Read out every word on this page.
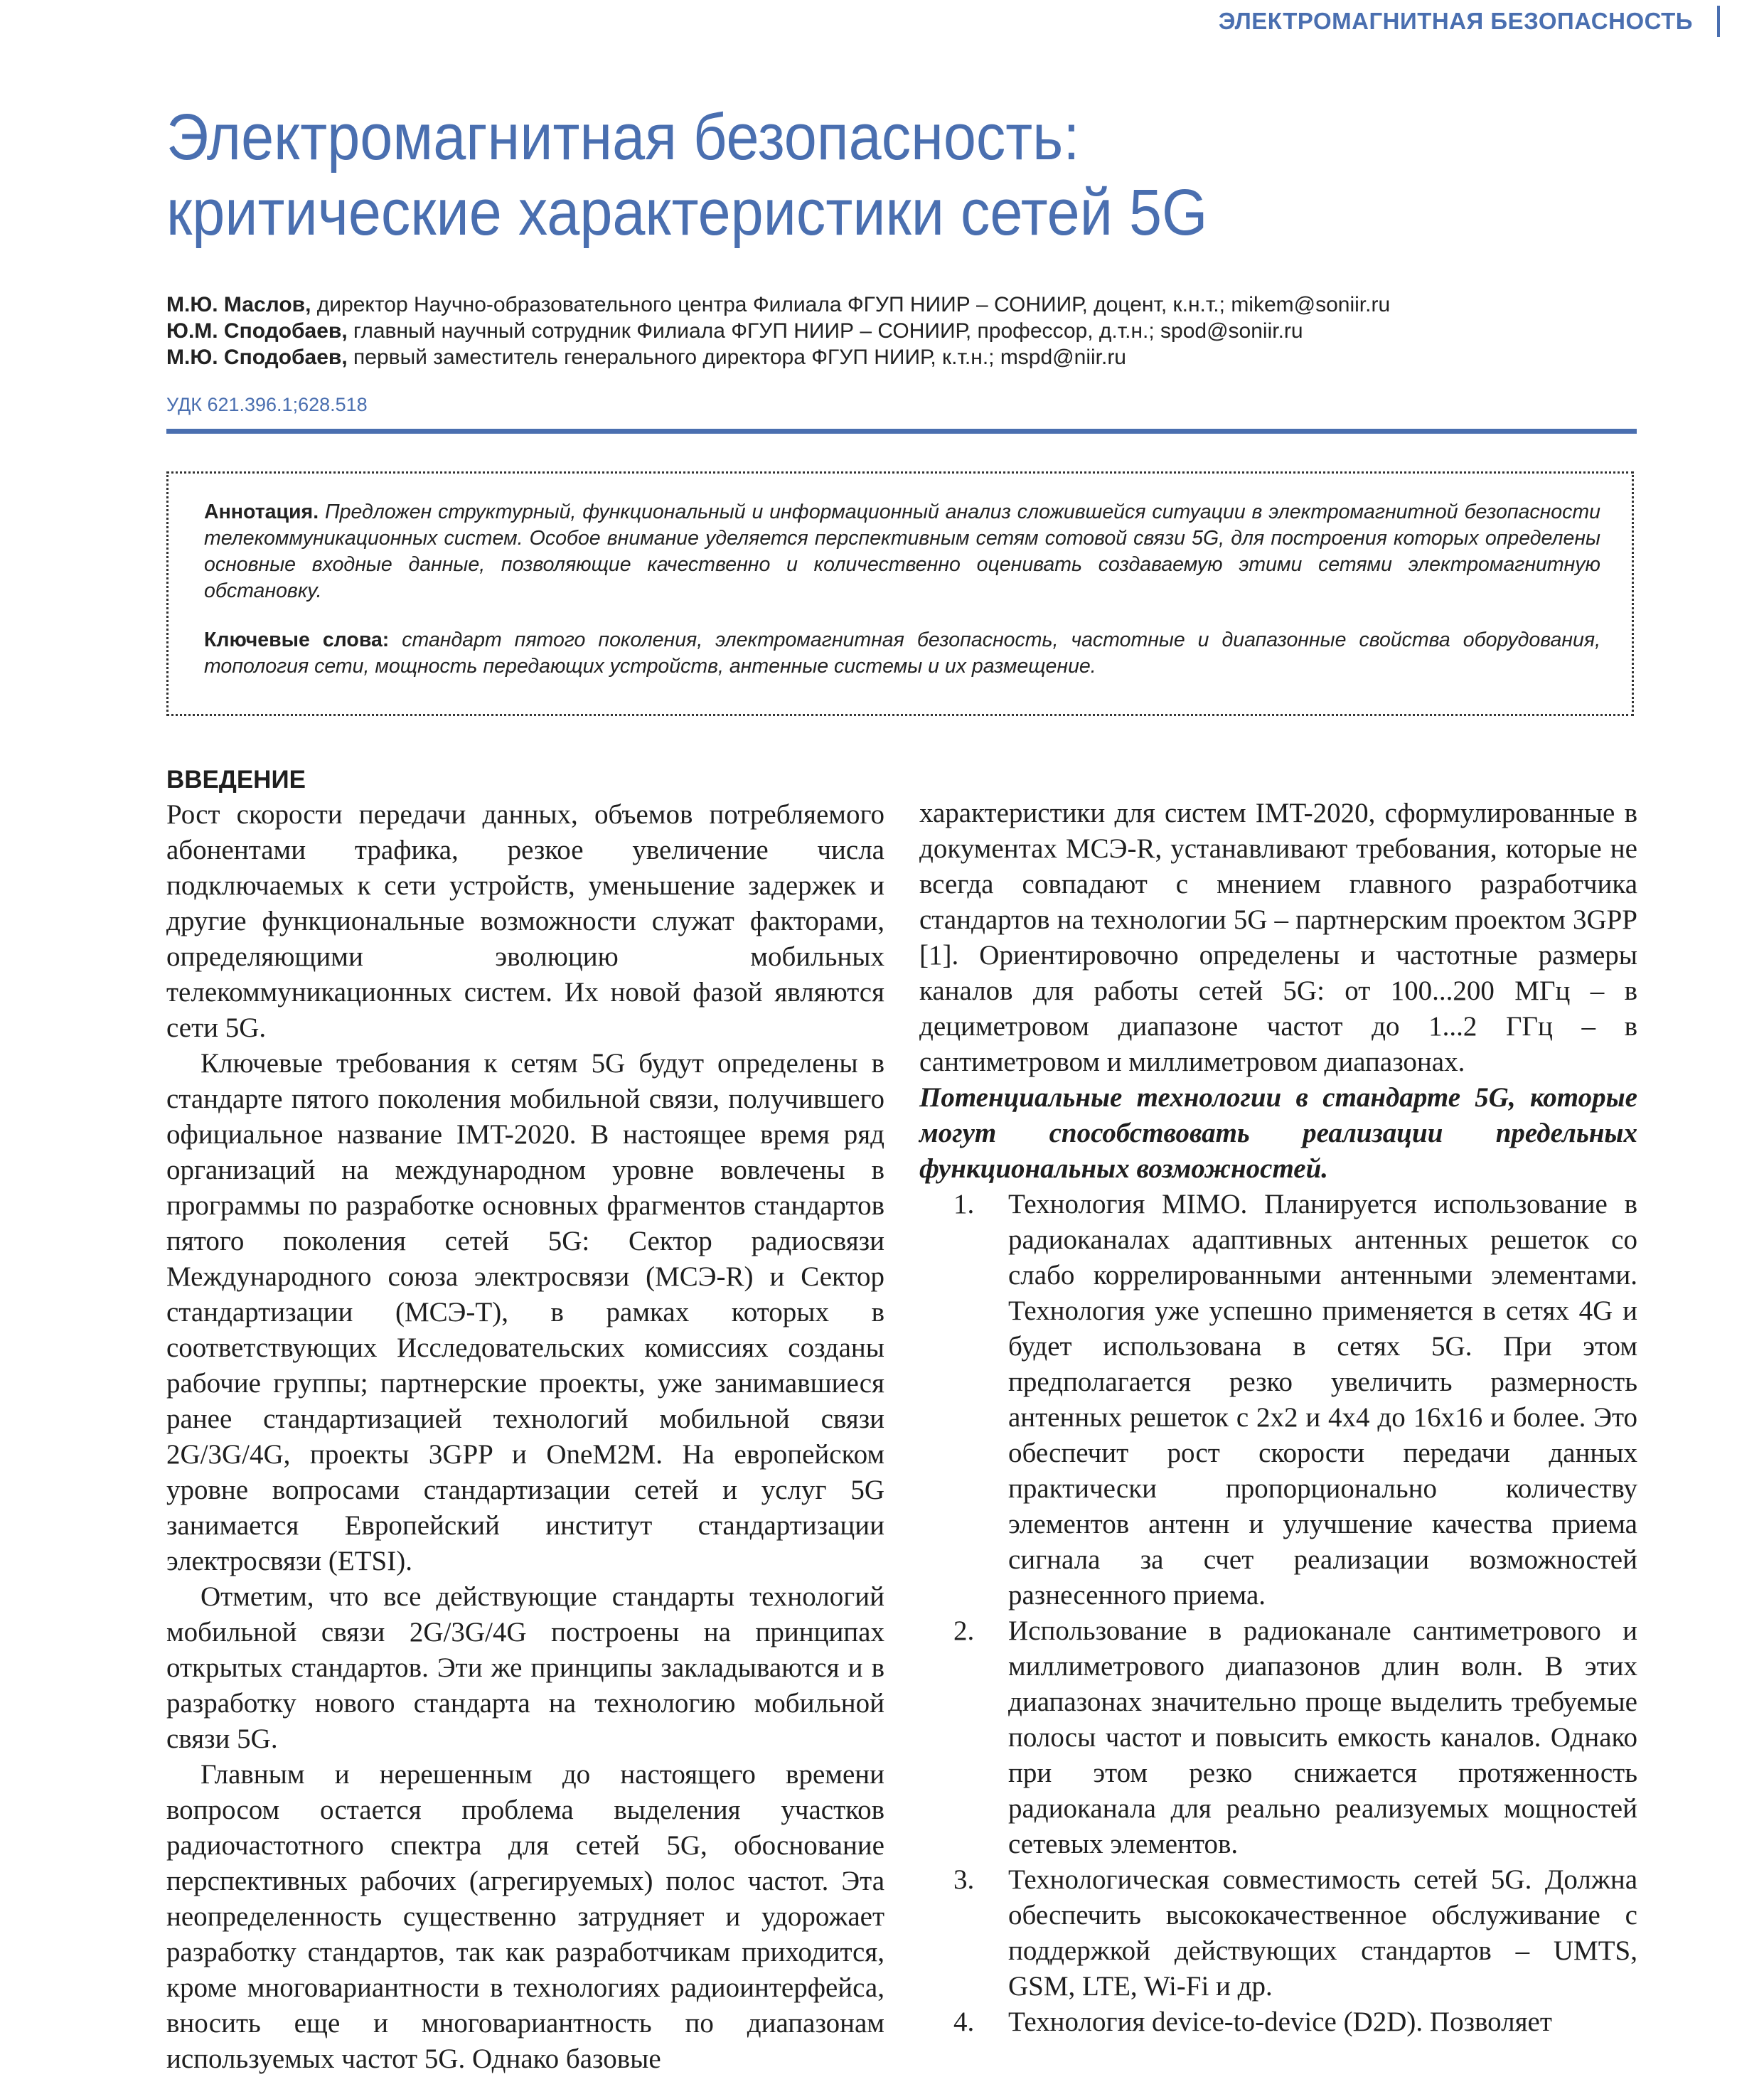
ЭЛЕКТРОМАГНИТНАЯ БЕЗОПАСНОСТЬ
Электромагнитная безопасность:
критические характеристики сетей 5G
М.Ю. Маслов, директор Научно-образовательного центра Филиала ФГУП НИИР – СОНИИР, доцент, к.н.т.; mikem@soniir.ru
Ю.М. Сподобаев, главный научный сотрудник Филиала ФГУП НИИР – СОНИИР, профессор, д.т.н.; spod@soniir.ru
М.Ю. Сподобаев, первый заместитель генерального директора ФГУП НИИР, к.т.н.; mspd@niir.ru
УДК 621.396.1;628.518

Аннотация. Предложен структурный, функциональный и информационный анализ сложившейся ситуации в электромагнитной безопасности телекоммуникационных систем. Особое внимание уделяется перспективным сетям сотовой связи 5G, для построения которых определены основные входные данные, позволяющие качественно и количественно оценивать создаваемую этими сетями электромагнитную обстановку.

Ключевые слова: стандарт пятого поколения, электромагнитная безопасность, частотные и диапазонные свойства оборудования, топология сети, мощность передающих устройств, антенные системы и их размещение.

ВВЕДЕНИЕ

Рост скорости передачи данных, объемов потребляемого абонентами трафика, резкое увеличение числа подключаемых к сети устройств, уменьшение задержек и другие функциональные возможности служат факторами, определяющими эволюцию мобильных телекоммуникационных систем. Их новой фазой являются сети 5G.

Ключевые требования к сетям 5G будут определены в стандарте пятого поколения мобильной связи, получившего официальное название IMT-2020. В настоящее время ряд организаций на международном уровне вовлечены в программы по разработке основных фрагментов стандартов пятого поколения сетей 5G: Сектор радиосвязи Международного союза электросвязи (МСЭ-R) и Сектор стандартизации (МСЭ-Т), в рамках которых в соответствующих Исследовательских комиссиях созданы рабочие группы; партнерские проекты, уже занимавшиеся ранее стандартизацией технологий мобильной связи 2G/3G/4G, проекты 3GPP и OneM2M. На европейском уровне вопросами стандартизации сетей и услуг 5G занимается Европейский институт стандартизации электросвязи (ETSI).

Отметим, что все действующие стандарты технологий мобильной связи 2G/3G/4G построены на принципах открытых стандартов. Эти же принципы закладываются и в разработку нового стандарта на технологию мобильной связи 5G.

Главным и нерешенным до настоящего времени вопросом остается проблема выделения участков радиочастотного спектра для сетей 5G, обоснование перспективных рабочих (агрегируемых) полос частот. Эта неопределенность существенно затрудняет и удорожает разработку стандартов, так как разработчикам приходится, кроме многовариантности в технологиях радиоинтерфейса, вносить еще и многовариантность по диапазонам используемых частот 5G. Однако базовые

характеристики для систем IMT-2020, сформулированные в документах МСЭ-R, устанавливают требования, которые не всегда совпадают с мнением главного разработчика стандартов на технологии 5G – партнерским проектом 3GPP [1]. Ориентировочно определены и частотные размеры каналов для работы сетей 5G: от 100...200 МГц – в дециметровом диапазоне частот до 1...2 ГГц – в сантиметровом и миллиметровом диапазонах.

Потенциальные технологии в стандарте 5G, которые могут способствовать реализации предельных функциональных возможностей.

1. Технология MIMO. Планируется использование в радиоканалах адаптивных антенных решеток со слабо коррелированными антенными элементами. Технология уже успешно применяется в сетях 4G и будет использована в сетях 5G. При этом предполагается резко увеличить размерность антенных решеток с 2x2 и 4x4 до 16x16 и более. Это обеспечит рост скорости передачи данных практически пропорционально количеству элементов антенн и улучшение качества приема сигнала за счет реализации возможностей разнесенного приема.
2. Использование в радиоканале сантиметрового и миллиметрового диапазонов длин волн. В этих диапазонах значительно проще выделить требуемые полосы частот и повысить емкость каналов. Однако при этом резко снижается протяженность радиоканала для реально реализуемых мощностей сетевых элементов.
3. Технологическая совместимость сетей 5G. Должна обеспечить высококачественное обслуживание с поддержкой действующих стандартов – UMTS, GSM, LTE, Wi-Fi и др.
4. Технология device-to-device (D2D). Позволяет
